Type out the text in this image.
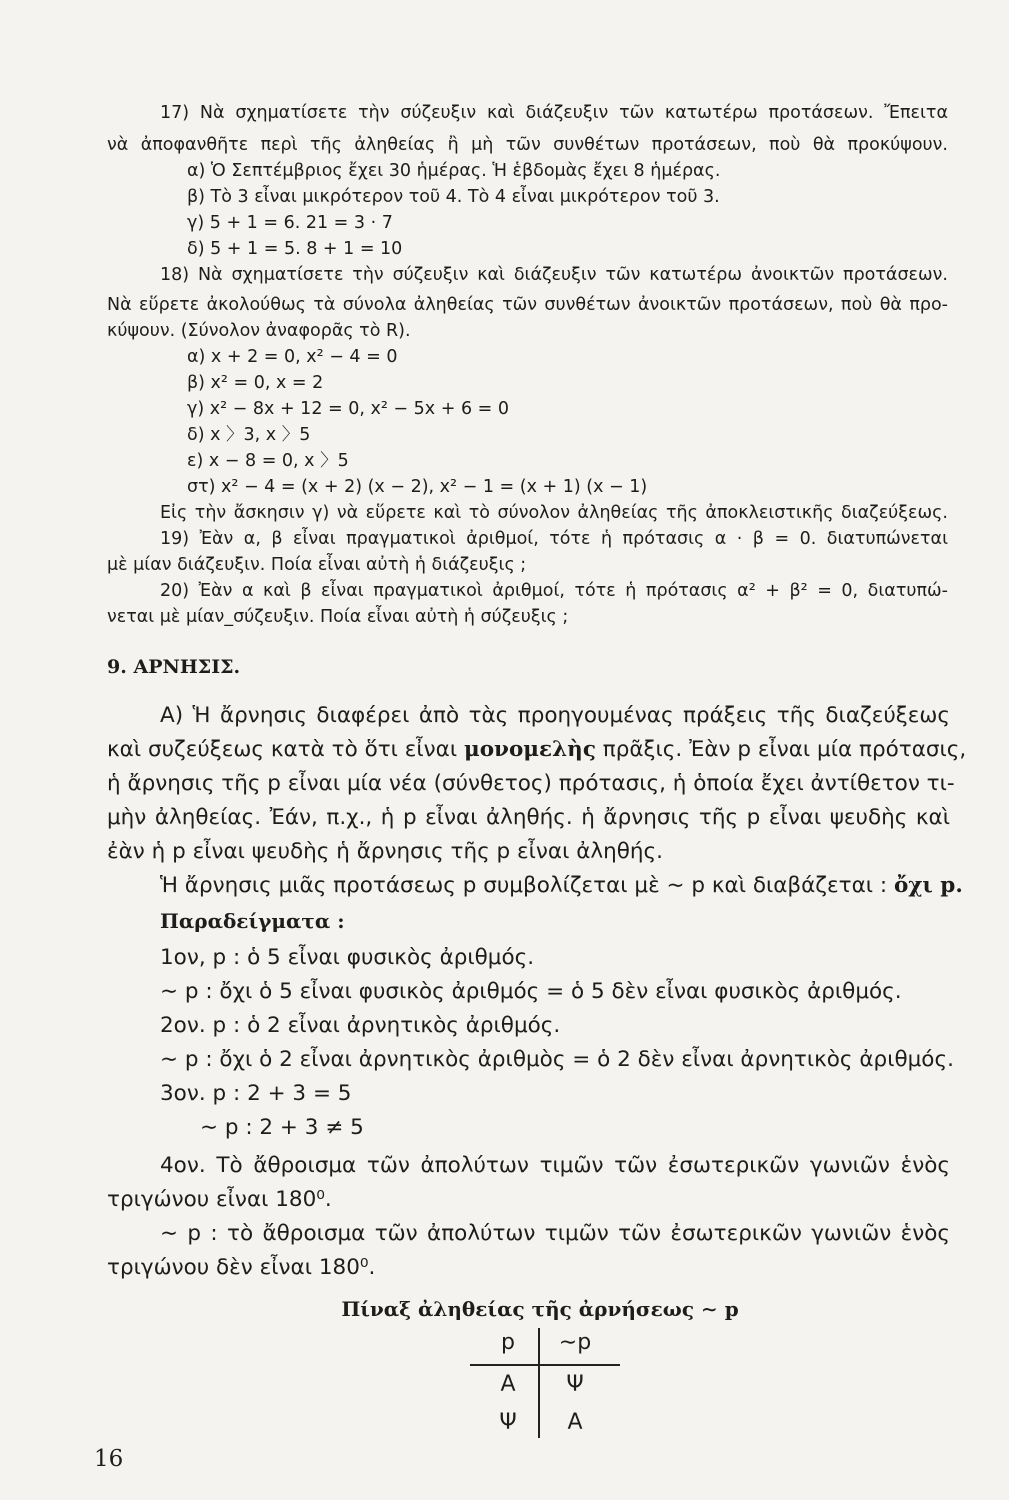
17) Νὰ σχηματίσετε τὴν σύζευξιν καὶ διάζευξιν τῶν κατωτέρω προτάσεων. Ἔπειτα
νὰ ἀποφανθῆτε περὶ τῆς ἀληθείας ἢ μὴ τῶν συνθέτων προτάσεων, ποὺ θὰ προκύψουν.
α) Ὁ Σεπτέμβριος ἔχει 30 ἡμέρας. Ἡ ἑβδομὰς ἔχει 8 ἡμέρας.
β) Τὸ 3 εἶναι μικρότερον τοῦ 4. Τὸ 4 εἶναι μικρότερον τοῦ 3.
γ) 5 + 1 = 6. 21 = 3 · 7
δ) 5 + 1 = 5. 8 + 1 = 10
18) Νὰ σχηματίσετε τὴν σύζευξιν καὶ διάζευξιν τῶν κατωτέρω ἀνοικτῶν προτάσεων.
Νὰ εὕρετε ἀκολούθως τὰ σύνολα ἀληθείας τῶν συνθέτων ἀνοικτῶν προτάσεων, ποὺ θὰ προ-
κύψουν. (Σύνολον ἀναφορᾶς τὸ R).
α) x + 2 = 0, x² − 4 = 0
β) x² = 0, x = 2
γ) x² − 8x + 12 = 0, x² − 5x + 6 = 0
δ) x 〉3, x 〉5
ε) x − 8 = 0, x 〉5
στ) x² − 4 = (x + 2) (x − 2), x² − 1 = (x + 1) (x − 1)
Εἰς τὴν ἄσκησιν γ) νὰ εὕρετε καὶ τὸ σύνολον ἀληθείας τῆς ἀποκλειστικῆς διαζεύξεως.
19) Ἐὰν α, β εἶναι πραγματικοὶ ἀριθμοί, τότε ἡ πρότασις α · β = 0. διατυπώνεται
μὲ μίαν διάζευξιν. Ποία εἶναι αὐτὴ ἡ διάζευξις ;
20) Ἐὰν α καὶ β εἶναι πραγματικοὶ ἀριθμοί, τότε ἡ πρότασις α² + β² = 0, διατυπώ-
νεται μὲ μίαν_σύζευξιν. Ποία εἶναι αὐτὴ ἡ σύζευξις ;
9. ΑΡΝΗΣΙΣ.
Α) Ἡ ἄρνησις διαφέρει ἀπὸ τὰς προηγουμένας πράξεις τῆς διαζεύξεως
καὶ συζεύξεως κατὰ τὸ ὅτι εἶναι μονομελὴς πρᾶξις. Ἐὰν p εἶναι μία πρότασις,
ἡ ἄρνησις τῆς p εἶναι μία νέα (σύνθετος) πρότασις, ἡ ὁποία ἔχει ἀντίθετον τι-
μὴν ἀληθείας. Ἐάν, π.χ., ἡ p εἶναι ἀληθής. ἡ ἄρνησις τῆς p εἶναι ψευδὴς καὶ
ἐὰν ἡ p εἶναι ψευδὴς ἡ ἄρνησις τῆς p εἶναι ἀληθής.
Ἡ ἄρνησις μιᾶς προτάσεως p συμβολίζεται μὲ ∼ p καὶ διαβάζεται : ὄχι p.
Παραδείγματα :
1ον, p : ὁ 5 εἶναι φυσικὸς ἀριθμός.
∼ p : ὄχι ὁ 5 εἶναι φυσικὸς ἀριθμός = ὁ 5 δὲν εἶναι φυσικὸς ἀριθμός.
2ον. p : ὁ 2 εἶναι ἀρνητικὸς ἀριθμός.
∼ p : ὄχι ὁ 2 εἶναι ἀρνητικὸς ἀριθμὸς = ὁ 2 δὲν εἶναι ἀρνητικὸς ἀριθμός.
3ον. p : 2 + 3 = 5
∼ p : 2 + 3 ≠ 5
4ον. Τὸ ἄθροισμα τῶν ἀπολύτων τιμῶν τῶν ἐσωτερικῶν γωνιῶν ἑνὸς
τριγώνου εἶναι 180⁰.
∼ p : τὸ ἄθροισμα τῶν ἀπολύτων τιμῶν τῶν ἐσωτερικῶν γωνιῶν ἑνὸς
τριγώνου δὲν εἶναι 180⁰.
Πίναξ ἀληθείας τῆς ἀρνήσεως ∼ p
p	∼p
Α	Ψ
Ψ	Α
16
